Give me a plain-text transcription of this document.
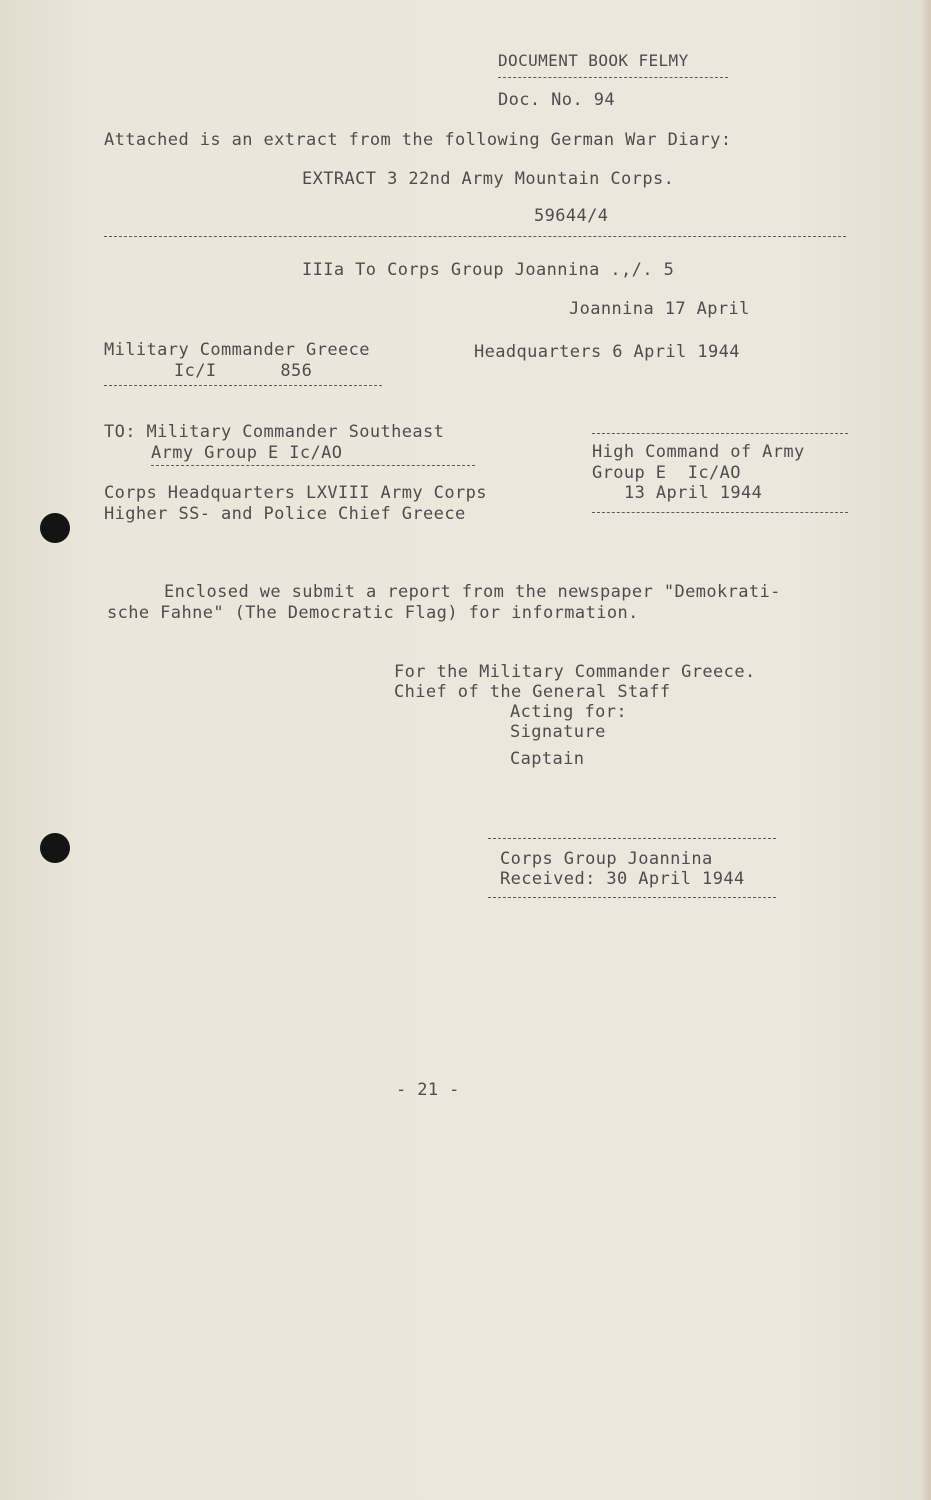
DOCUMENT BOOK FELMY
Doc. No. 94
Attached is an extract from the following German War Diary:
EXTRACT 3 22nd Army Mountain Corps.
59644/4
IIIa To Corps Group Joannina .,/. 5
Joannina 17 April
Military Commander Greece
Ic/I      856
Headquarters 6 April 1944
TO: Military Commander Southeast
Army Group E Ic/AO
Corps Headquarters LXVIII Army Corps
Higher SS- and Police Chief Greece
High Command of Army
Group E  Ic/AO
13 April 1944
Enclosed we submit a report from the newspaper "Demokrati-
sche Fahne" (The Democratic Flag) for information.
For the Military Commander Greece.
Chief of the General Staff
Acting for:
Signature
Captain
Corps Group Joannina
Received: 30 April 1944
- 21 -
